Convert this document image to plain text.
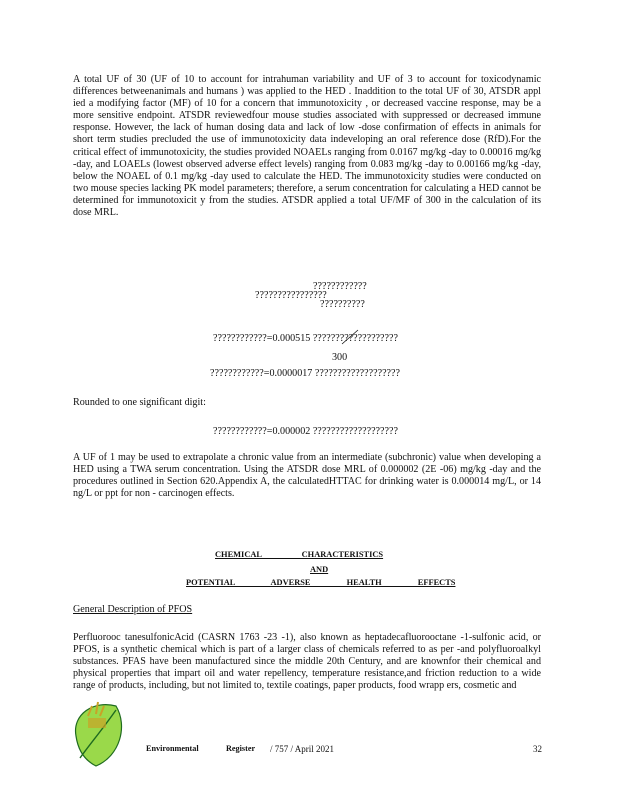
A total UF of 30 (UF of 10 to account for intrahuman variability and UF of 3 to account for toxicodynamic differences betweenanimals and humans ) was applied to the HED . Inaddition to the total UF of 30, ATSDR appl ied a modifying factor (MF) of 10 for a concern that immunotoxicity , or decreased vaccine response, may be a more sensitive endpoint. ATSDR reviewedfour mouse studies associated with suppressed or decreased immune response. However, the lack of human dosing data and lack of low -dose confirmation of effects in animals for short term studies precluded the use of immunotoxicity data indeveloping an oral reference dose (RfD).For the critical effect of immunotoxicity, the studies provided NOAELs ranging from 0.0167 mg/kg -day to 0.00016 mg/kg -day, and LOAELs (lowest observed adverse effect levels) ranging from 0.083 mg/kg -day to 0.00166 mg/kg -day, below the NOAEL of 0.1 mg/kg -day used to calculate the HED. The immunotoxicity studies were conducted on two mouse species lacking PK model parameters; therefore, a serum concentration for calculating a HED cannot be determined for immunotoxicit y from the studies. ATSDR applied a total UF/MF of 300 in the calculation of its dose MRL.

????????????
????????????????
??????????
????????????=0.000515 ???????????????????
300
????????????=0.0000017 ???????????????????
Rounded to one significant digit:
????????????=0.000002 ???????????????????

A UF of 1 may be used to extrapolate a chronic value from an intermediate (subchronic) value when developing a HED using a TWA serum concentration. Using the ATSDR dose MRL of 0.000002 (2E -06) mg/kg -day and the procedures outlined in Section 620.Appendix A, the calculatedHTTAC for drinking water is 0.000014 mg/L, or 14 ng/L or ppt for non - carcinogen effects.

CHEMICAL CHARACTERISTICS
AND
POTENTIAL ADVERSE HEALTH EFFECTS
General Description of PFOS

Perfluorooc tanesulfonicAcid (CASRN 1763 -23 -1), also known as heptadecafluorooctane -1-sulfonic acid, or PFOS, is a synthetic chemical which is part of a larger class of chemicals referred to as per -and polyfluoroalkyl substances. PFAS have been manufactured since the middle 20th Century, and are knownfor their chemical and physical properties that impart oil and water repellency, temperature resistance,and friction reduction to a wide range of products, including, but not limited to, textile coatings, paper products, food wrapp ers, cosmetic and

Environmental	Register / 757 / April 2021	32
